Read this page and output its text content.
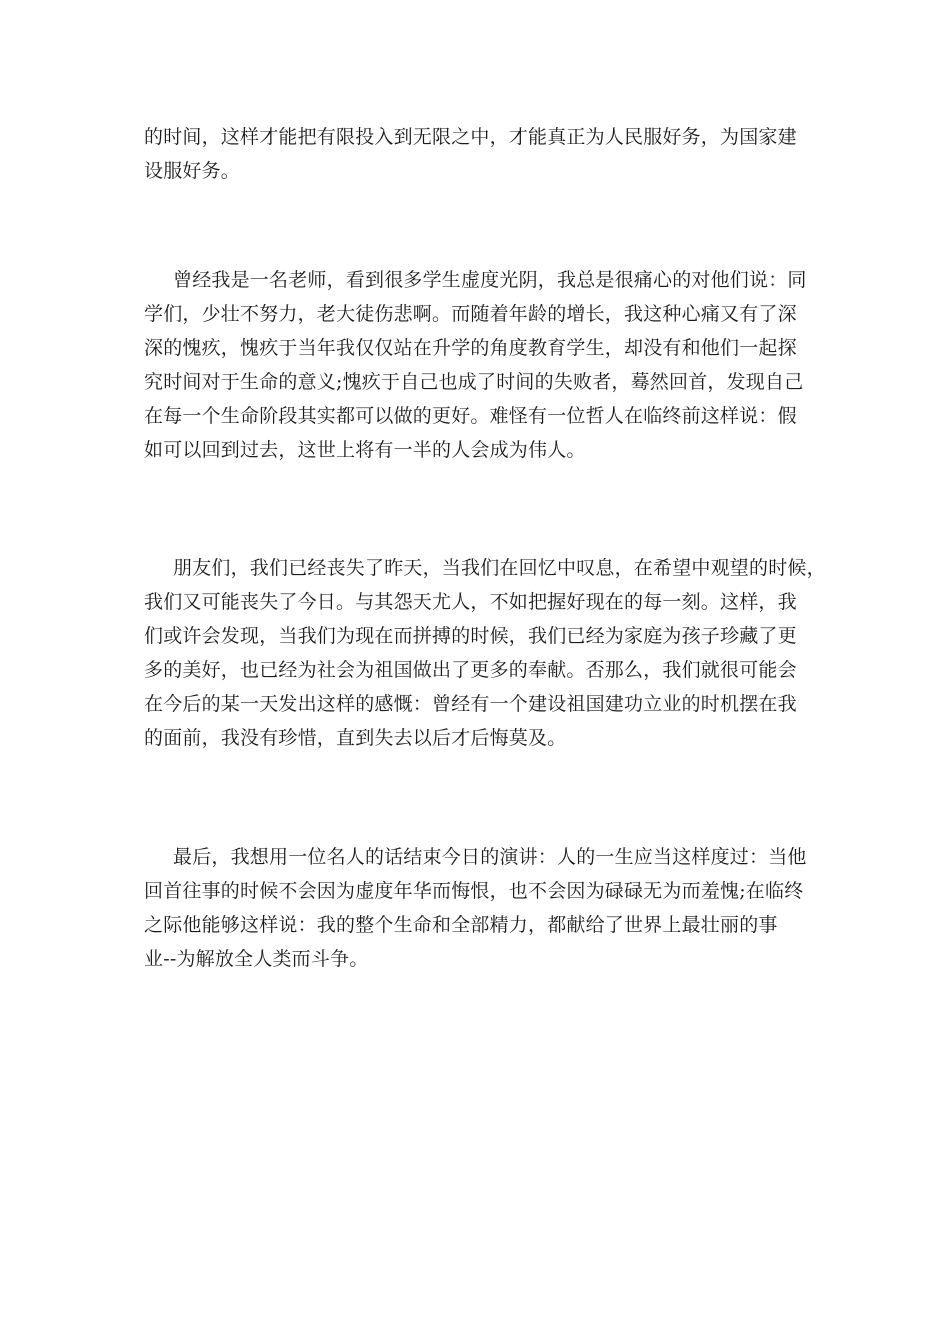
的时间，这样才能把有限投入到无限之中，才能真正为人民服好务，为国家建
设服好务。
曾经我是一名老师，看到很多学生虚度光阴，我总是很痛心的对他们说：同
学们，少壮不努力，老大徒伤悲啊。而随着年龄的增长，我这种心痛又有了深
深的愧疚，愧疚于当年我仅仅站在升学的角度教育学生，却没有和他们一起探
究时间对于生命的意义;愧疚于自己也成了时间的失败者，蓦然回首，发现自己
在每一个生命阶段其实都可以做的更好。难怪有一位哲人在临终前这样说：假
如可以回到过去，这世上将有一半的人会成为伟人。
朋友们，我们已经丧失了昨天，当我们在回忆中叹息，在希望中观望的时候，
我们又可能丧失了今日。与其怨天尤人，不如把握好现在的每一刻。这样，我
们或许会发现，当我们为现在而拼搏的时候，我们已经为家庭为孩子珍藏了更
多的美好，也已经为社会为祖国做出了更多的奉献。否那么，我们就很可能会
在今后的某一天发出这样的感慨：曾经有一个建设祖国建功立业的时机摆在我
的面前，我没有珍惜，直到失去以后才后悔莫及。
最后，我想用一位名人的话结束今日的演讲：人的一生应当这样度过：当他
回首往事的时候不会因为虚度年华而悔恨，也不会因为碌碌无为而羞愧;在临终
之际他能够这样说：我的整个生命和全部精力，都献给了世界上最壮丽的事
业--为解放全人类而斗争。
